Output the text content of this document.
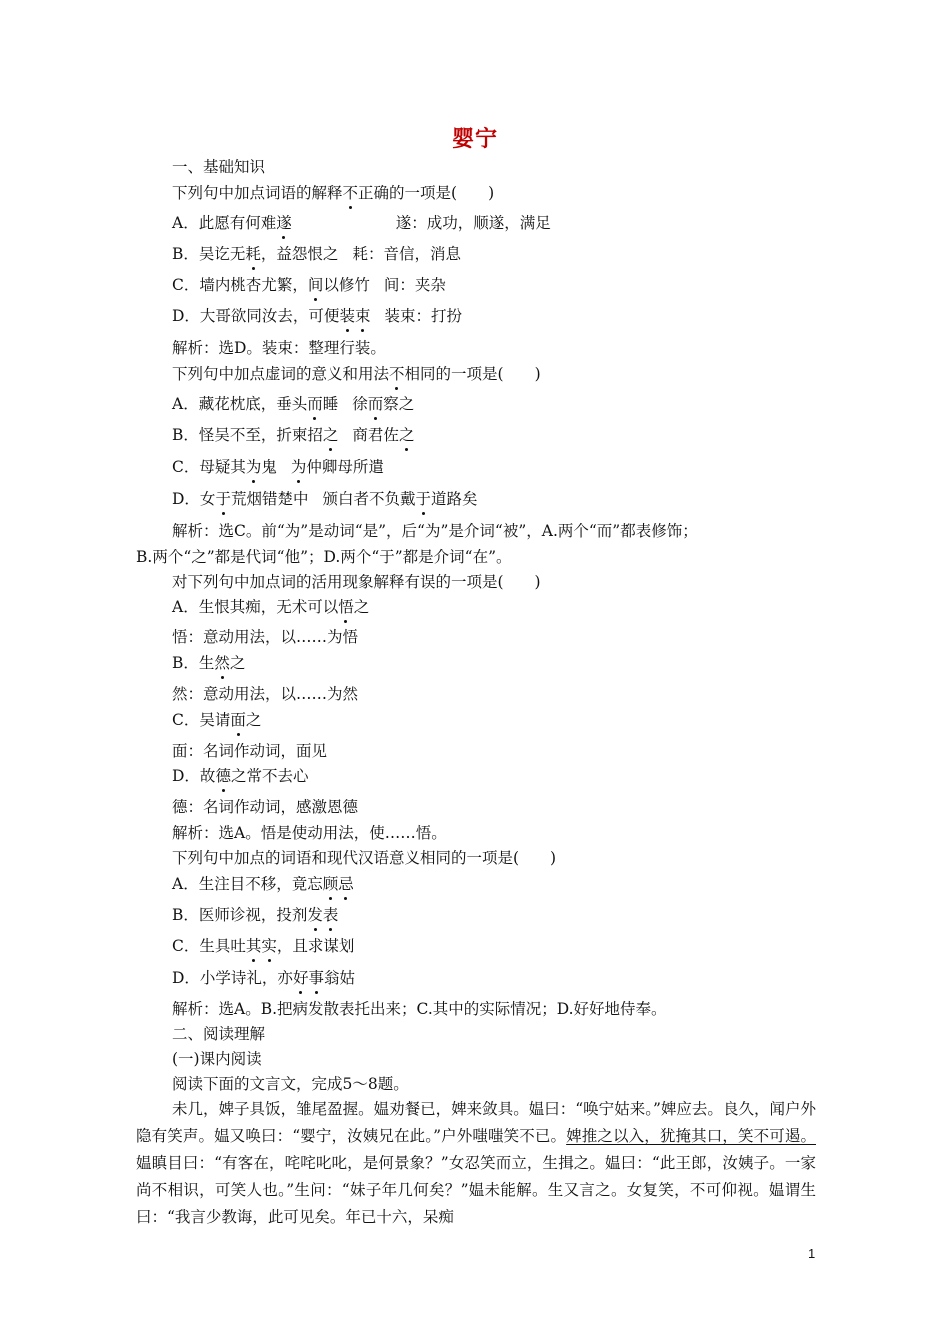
婴宁
一、基础知识
下列句中加点词语的解释不正确的一项是(　　)
A．此愿有何难遂	遂：成功，顺遂，满足
B．吴讫无耗，益怨恨之 耗：音信，消息
C．墙内桃杏尤繁，间以修竹 间：夹杂
D．大哥欲同汝去，可便装束 装束：打扮
解析：选D。装束：整理行装。
下列句中加点虚词的意义和用法不相同的一项是(　　)
A．藏花枕底，垂头而睡 徐而察之
B．怪吴不至，折柬招之 商君佐之
C．母疑其为鬼 为仲卿母所遣
D．女于荒烟错楚中 颁白者不负戴于道路矣
解析：选C。前“为”是动词“是”，后“为”是介词“被”，A.两个“而”都表修饰；
B.两个“之”都是代词“他”；D.两个“于”都是介词“在”。
对下列句中加点词的活用现象解释有误的一项是(　　)
A．生恨其痴，无术可以悟之
悟：意动用法，以……为悟
B．生然之
然：意动用法，以……为然
C．吴请面之
面：名词作动词，面见
D．故德之常不去心
德：名词作动词，感激恩德
解析：选A。悟是使动用法，使……悟。
下列句中加点的词语和现代汉语意义相同的一项是(　　)
A．生注目不移，竟忘顾忌
B．医师诊视，投剂发表
C．生具吐其实，且求谋划
D．小学诗礼，亦好事翁姑
解析：选A。B.把病发散表托出来；C.其中的实际情况；D.好好地侍奉。
二、阅读理解
(一)课内阅读
阅读下面的文言文，完成5～8题。
未几，婢子具饭，雏尾盈握。媪劝餐已，婢来敛具。媪曰：“唤宁姑来。”婢应去。良久，闻户外隐有笑声。媪又唤曰：“婴宁，汝姨兄在此。”户外嗤嗤笑不已。婢推之以入，犹掩其口，笑不可遏。媪瞋目曰：“有客在，咤咤叱叱，是何景象？”女忍笑而立，生揖之。媪曰：“此王郎，汝姨子。一家尚不相识，可笑人也。”生问：“妹子年几何矣？”媪未能解。生又言之。女复笑，不可仰视。媪谓生曰：“我言少教诲，此可见矣。年已十六，呆痴
1
